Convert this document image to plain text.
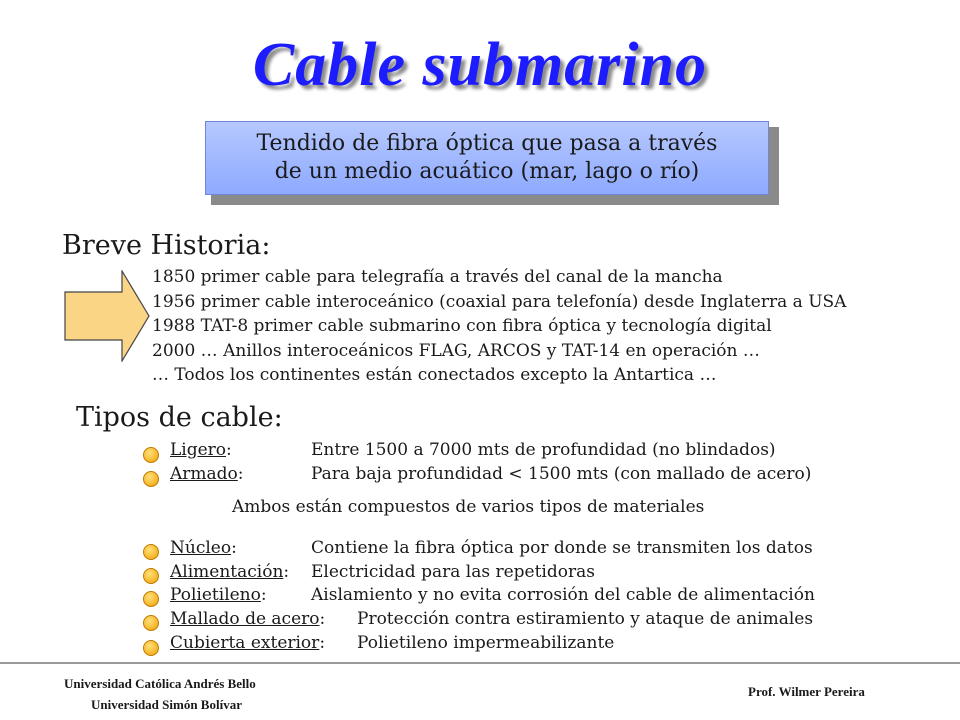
Cable submarino
Tendido de fibra óptica que pasa a través
de un medio acuático (mar, lago o río)
Breve Historia:
1850 primer cable para telegrafía a través del canal de la mancha
1956 primer cable interoceánico (coaxial para telefonía) desde Inglaterra a USA
1988 TAT-8 primer cable submarino con fibra óptica y tecnología digital
2000 … Anillos interoceánicos FLAG, ARCOS y TAT-14 en operación …
… Todos los continentes están conectados excepto la Antartica …
Tipos de cable:
Ligero:	Entre 1500 a 7000 mts de profundidad (no blindados)
Armado:	Para baja profundidad < 1500 mts (con mallado de acero)
Ambos están compuestos de varios tipos de materiales
Núcleo:	Contiene la fibra óptica por donde se transmiten los datos
Alimentación: Electricidad para las repetidoras
Polietileno:	Aislamiento y no evita corrosión del cable de alimentación
Mallado de acero: Protección contra estiramiento y ataque de animales
Cubierta exterior: Polietileno impermeabilizante
Universidad Católica Andrés Bello
Universidad Simón Bolívar
Prof. Wilmer Pereira
